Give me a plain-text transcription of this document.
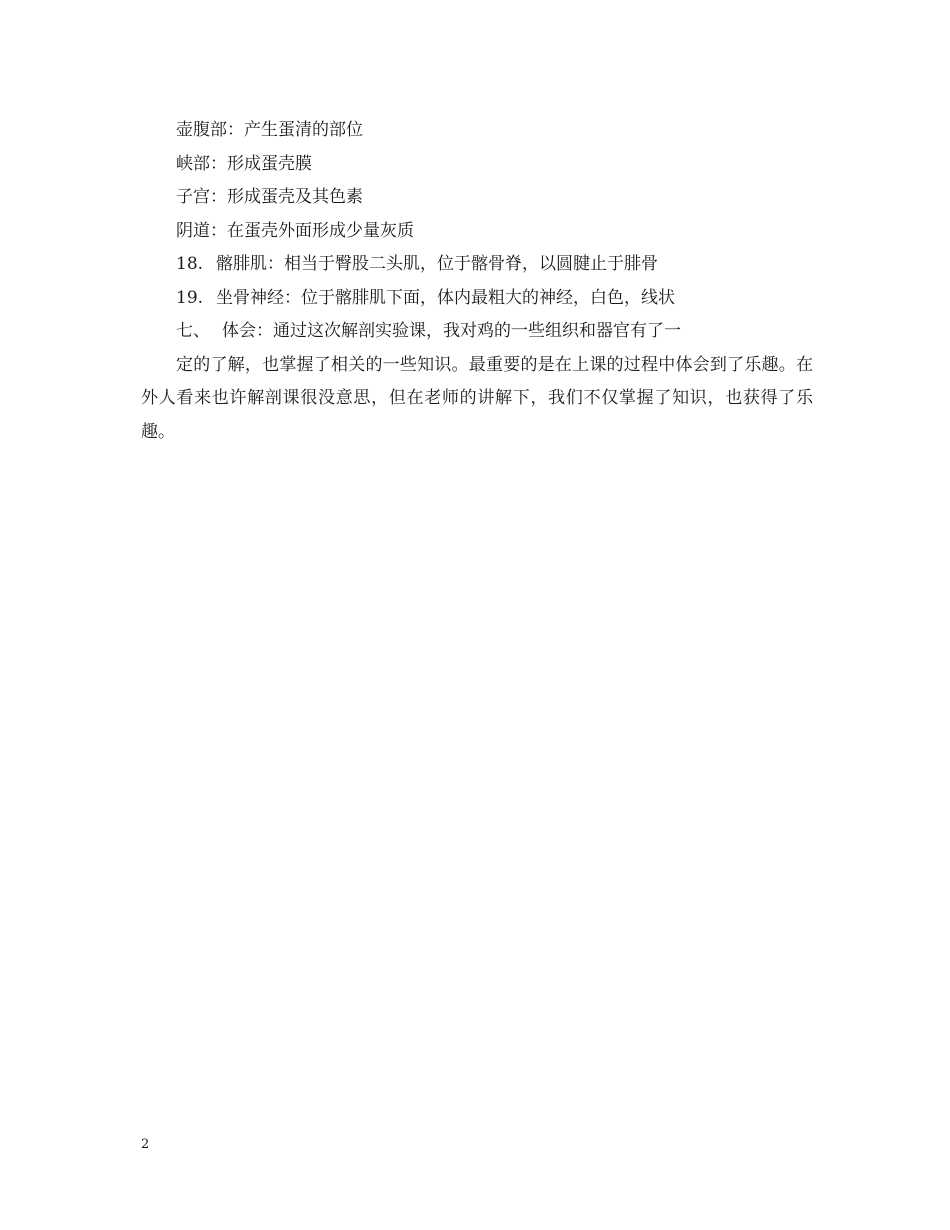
壶腹部：产生蛋清的部位
峡部：形成蛋壳膜
子宫：形成蛋壳及其色素
阴道：在蛋壳外面形成少量灰质
18. 髂腓肌：相当于臀股二头肌，位于髂骨脊，以圆腱止于腓骨
19. 坐骨神经：位于髂腓肌下面，体内最粗大的神经，白色，线状
七、 体会：通过这次解剖实验课，我对鸡的一些组织和器官有了一

定的了解，也掌握了相关的一些知识。最重要的是在上课的过程中体会到了乐趣。在外人看来也许解剖课很没意思，但在老师的讲解下，我们不仅掌握了知识，也获得了乐趣。

2
